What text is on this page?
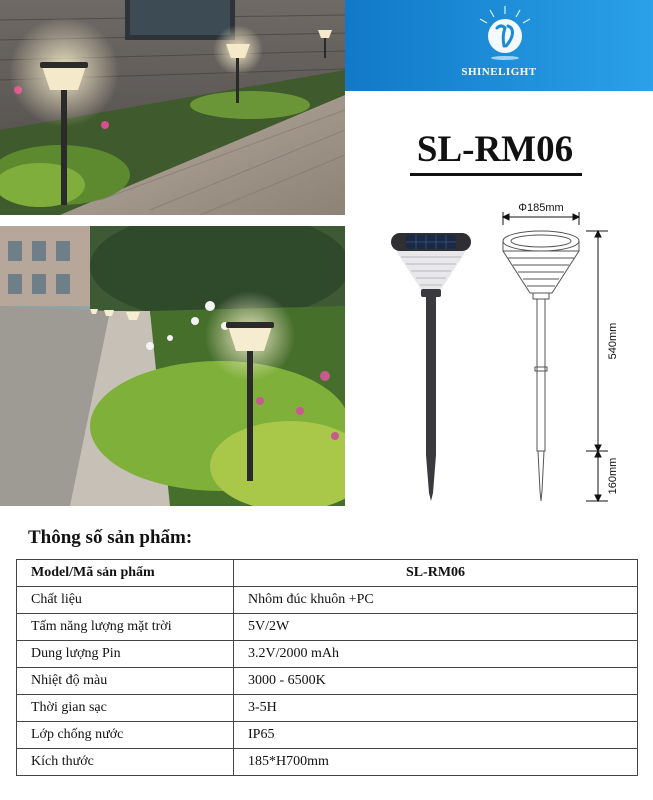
SHINELIGHT
SL-RM06
Φ185mm
540mm
160mm
Thông số sản phẩm:
Model/Mã sản phẩm	SL-RM06
Chất liệu	Nhôm đúc khuôn +PC
Tấm năng lượng mặt trời	5V/2W
Dung lượng Pin	3.2V/2000 mAh
Nhiệt độ màu	3000 - 6500K
Thời gian sạc	3-5H
Lớp chống nước	IP65
Kích thước	185*H700mm
